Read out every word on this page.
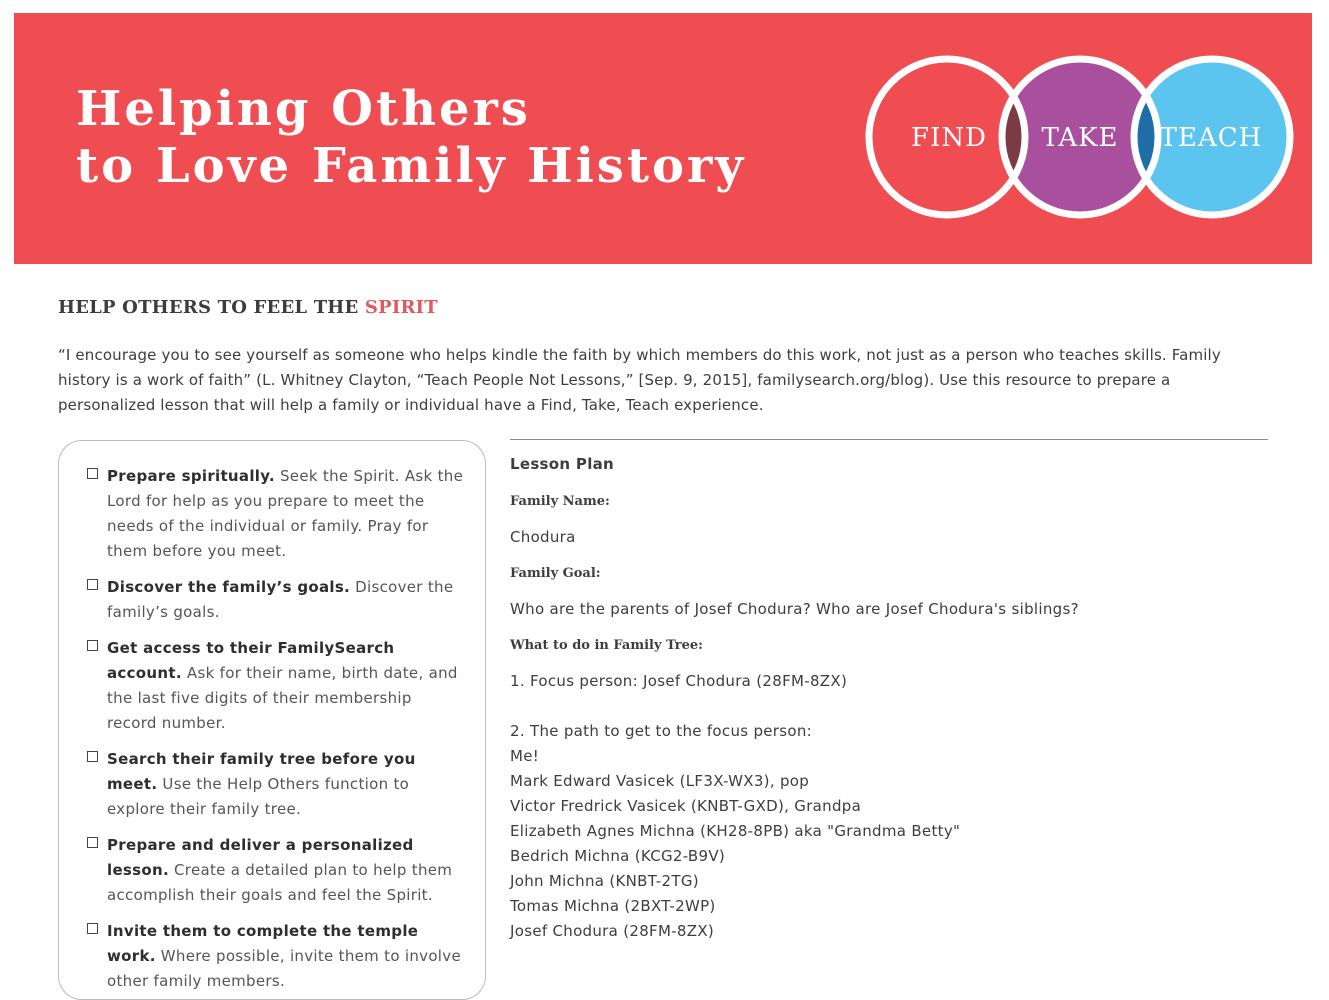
Helping Others
to Love Family History	FIND TAKE TEACH
HELP OTHERS TO FEEL THE SPIRIT

“I encourage you to see yourself as someone who helps kindle the faith by which members do this work, not just as a person who teaches skills. Family history is a work of faith” (L. Whitney Clayton, “Teach People Not Lessons,” [Sep. 9, 2015], familysearch.org/blog). Use this resource to prepare a personalized lesson that will help a family or individual have a Find, Take, Teach experience.

Prepare spiritually. Seek the Spirit. Ask the Lord for help as you prepare to meet the needs of the individual or family. Pray for them before you meet.

Discover the family’s goals. Discover the family’s goals.

Get access to their FamilySearch account. Ask for their name, birth date, and the last five digits of their membership record number.

Search their family tree before you meet. Use the Help Others function to explore their family tree.

Prepare and deliver a personalized lesson. Create a detailed plan to help them accomplish their goals and feel the Spirit.

Invite them to complete the temple work. Where possible, invite them to involve other family members.

Lesson Plan

Family Name:

Chodura

Family Goal:

Who are the parents of Josef Chodura? Who are Josef Chodura's siblings?

What to do in Family Tree:

1. Focus person: Josef Chodura (28FM-8ZX)

2. The path to get to the focus person:
Me!
Mark Edward Vasicek (LF3X-WX3), pop
Victor Fredrick Vasicek (KNBT-GXD), Grandpa
Elizabeth Agnes Michna (KH28-8PB) aka "Grandma Betty"
Bedrich Michna (KCG2-B9V)
John Michna (KNBT-2TG)
Tomas Michna (2BXT-2WP)
Josef Chodura (28FM-8ZX)
